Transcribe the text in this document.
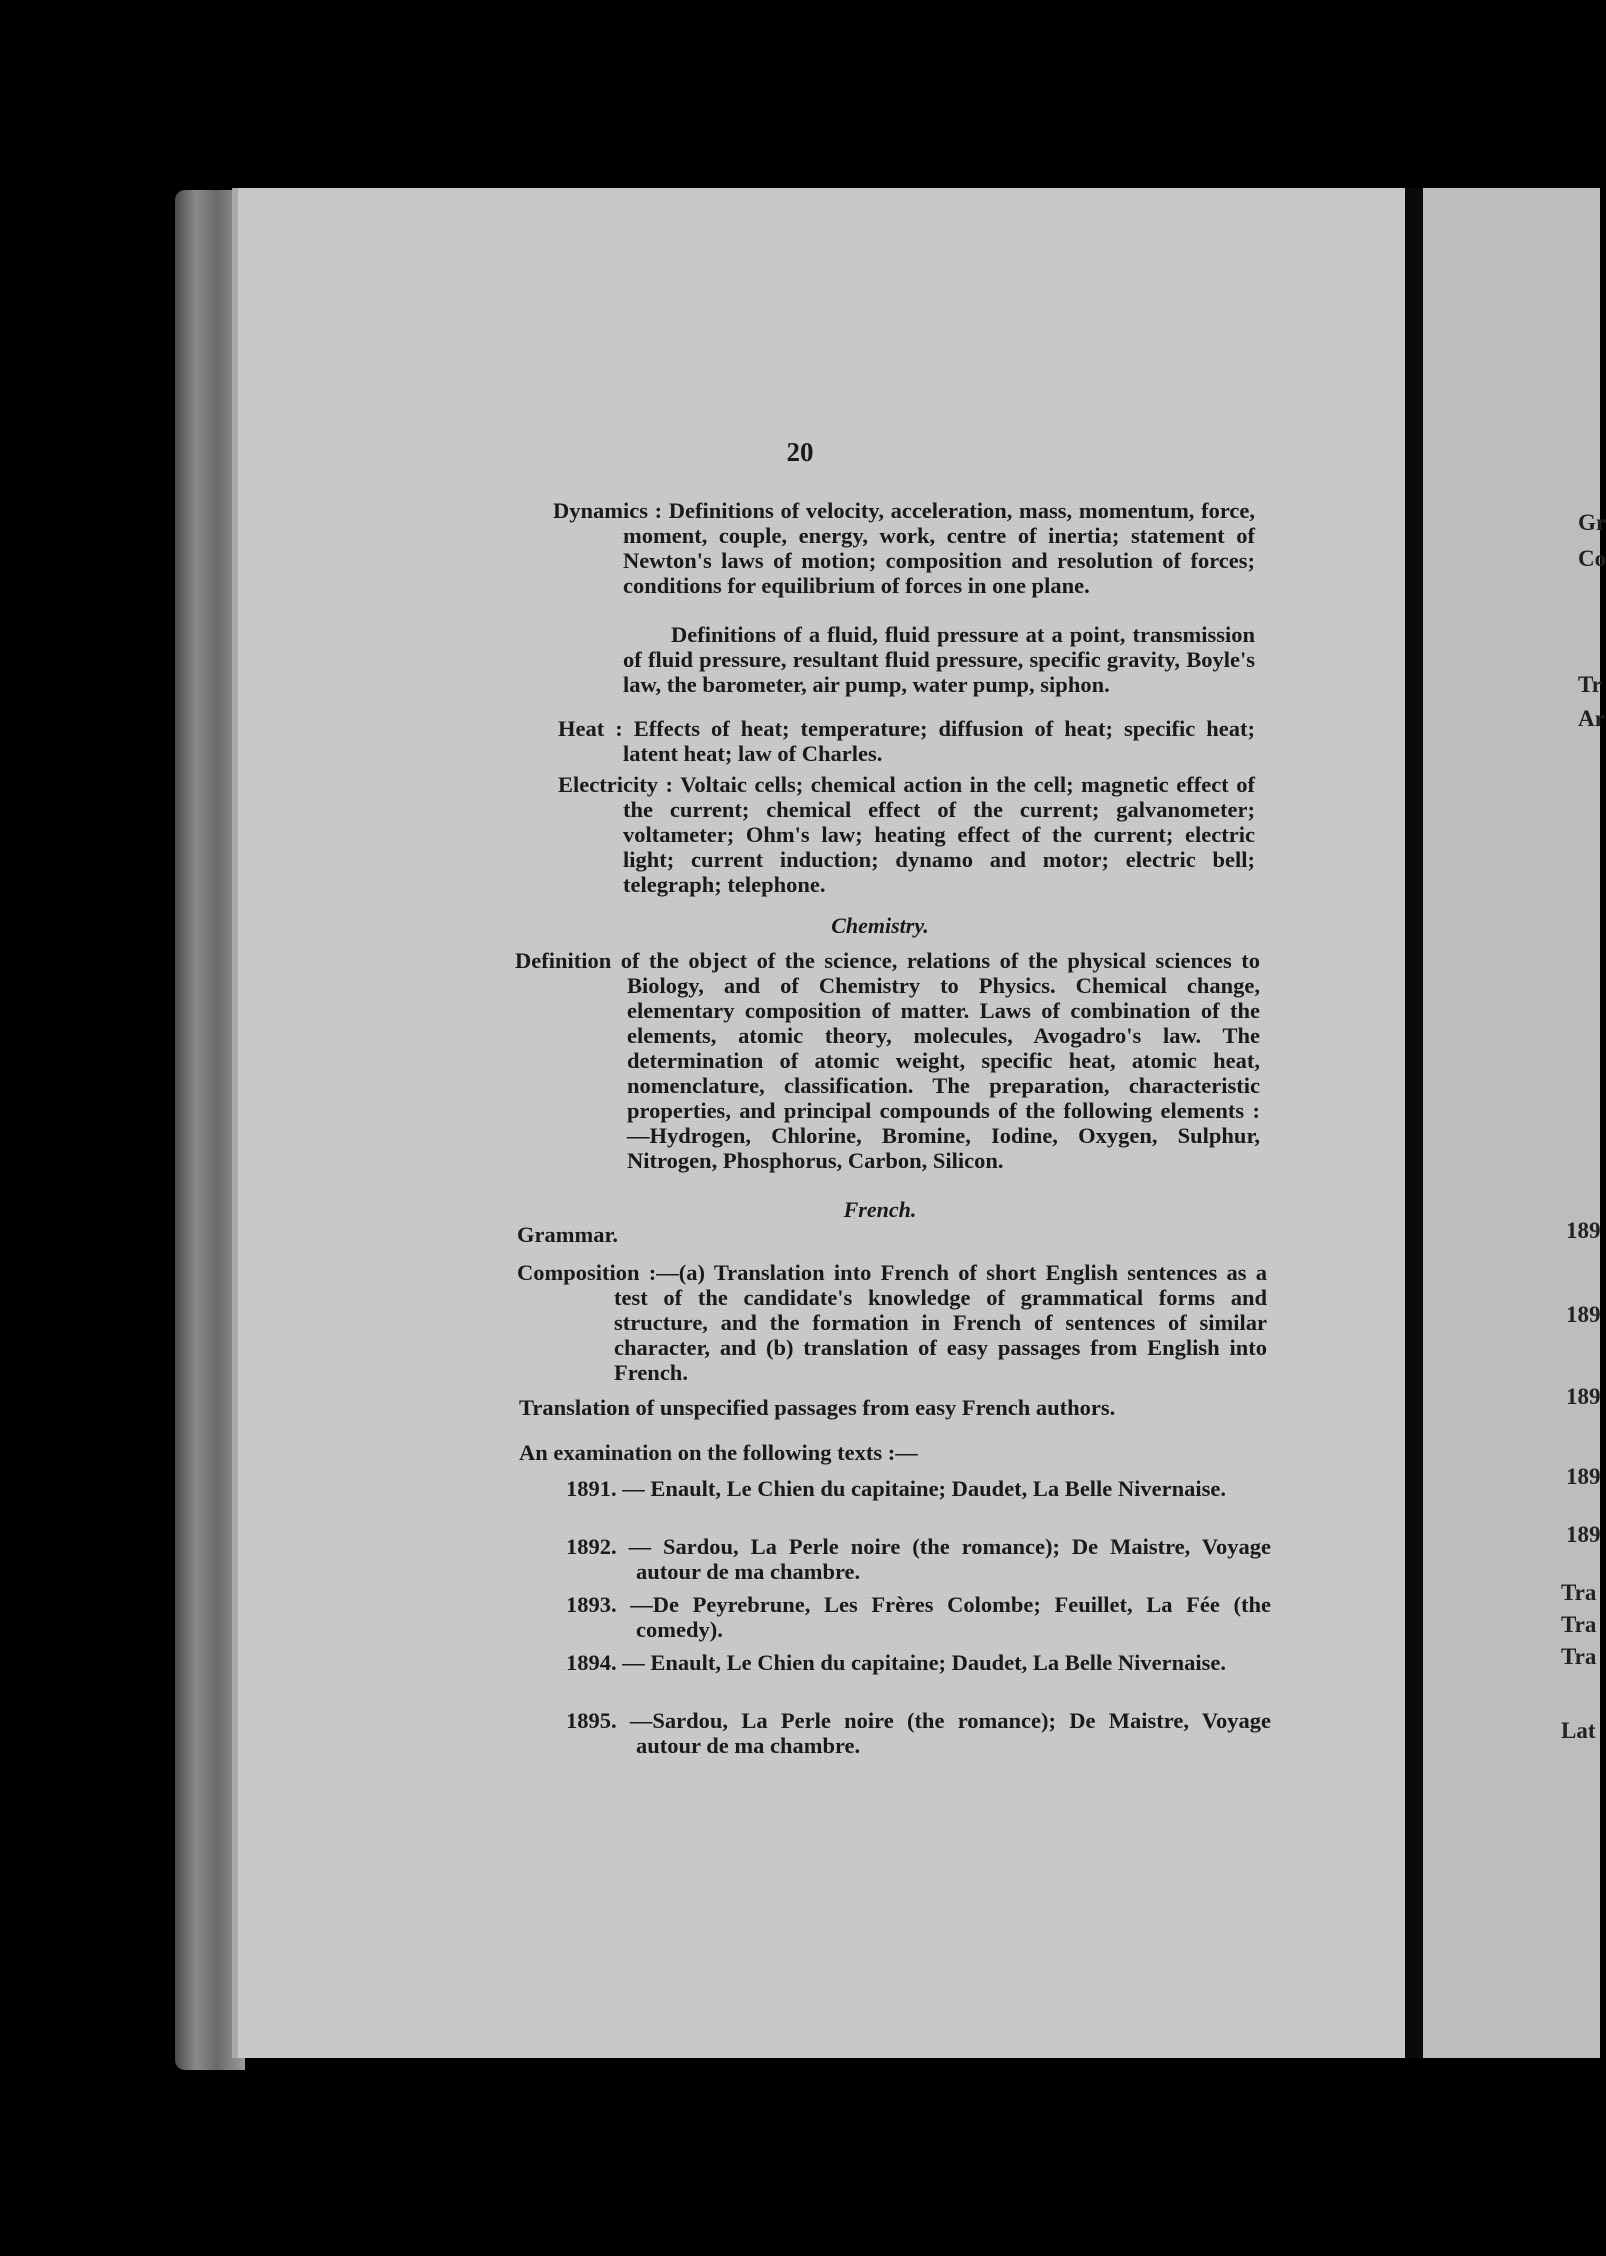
Gr
Co
Tr
Ar
189
189
189
189
189
Tra
Tra
Tra
Lat
20
Dynamics : Definitions of velocity, acceleration, mass, momentum, force, moment, couple, energy, work, centre of inertia; statement of Newton's laws of motion; composition and resolution of forces; conditions for equilibrium of forces in one plane.
Definitions of a fluid, fluid pressure at a point, transmission of fluid pressure, resultant fluid pressure, specific gravity, Boyle's law, the barometer, air pump, water pump, siphon.
Heat : Effects of heat; temperature; diffusion of heat; specific heat; latent heat; law of Charles.
Electricity : Voltaic cells; chemical action in the cell; magnetic effect of the current; chemical effect of the current; galvanometer; voltameter; Ohm's law; heating effect of the current; electric light; current induction; dynamo and motor; electric bell; telegraph; telephone.
Chemistry.
Definition of the object of the science, relations of the physical sciences to Biology, and of Chemistry to Physics. Chemical change, elementary composition of matter. Laws of combination of the elements, atomic theory, molecules, Avogadro's law. The determination of atomic weight, specific heat, atomic heat, nomenclature, classification. The preparation, characteristic properties, and principal compounds of the following elements :—Hydrogen, Chlorine, Bromine, Iodine, Oxygen, Sulphur, Nitrogen, Phosphorus, Carbon, Silicon.
French.
Grammar.
Composition :—(a) Translation into French of short English sentences as a test of the candidate's knowledge of grammatical forms and structure, and the formation in French of sentences of similar character, and (b) translation of easy passages from English into French.
Translation of unspecified passages from easy French authors.
An examination on the following texts :—
1891. — Enault, Le Chien du capitaine; Daudet, La Belle Nivernaise.
1892. — Sardou, La Perle noire (the romance); De Maistre, Voyage autour de ma chambre.
1893. —De Peyrebrune, Les Frères Colombe; Feuillet, La Fée (the comedy).
1894. — Enault, Le Chien du capitaine; Daudet, La Belle Nivernaise.
1895. —Sardou, La Perle noire (the romance); De Maistre, Voyage autour de ma chambre.
